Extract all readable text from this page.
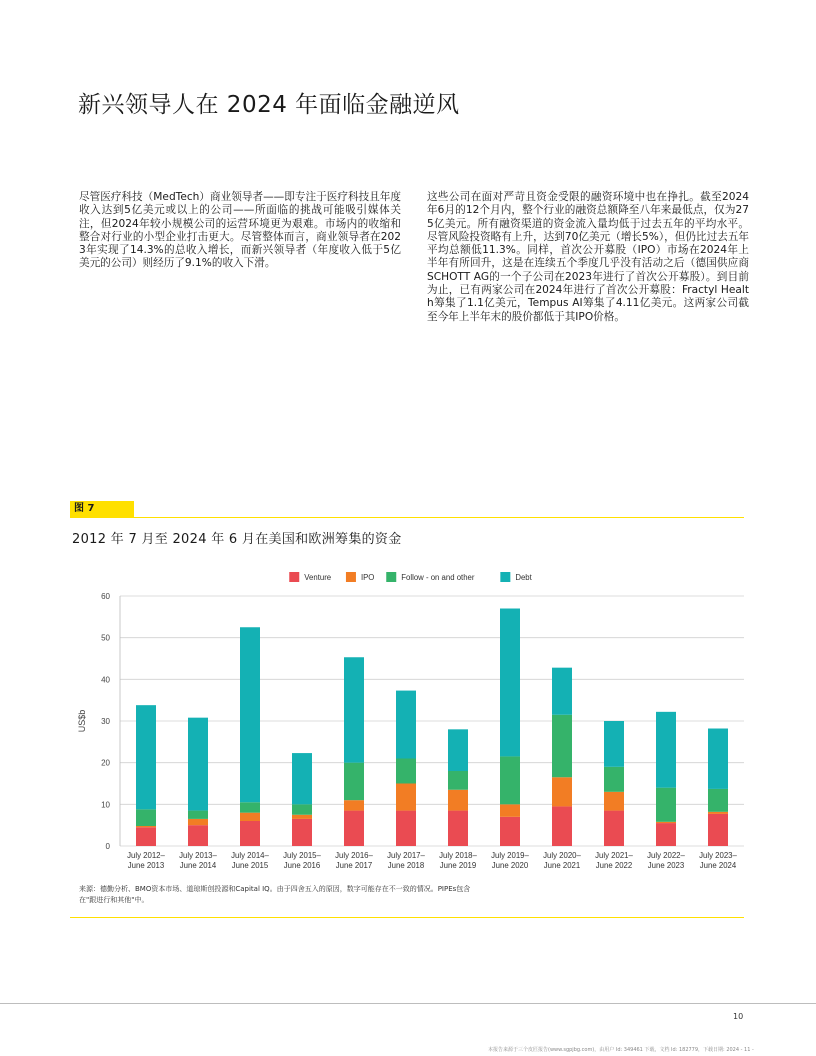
新兴领导人在 2024 年面临金融逆风
尽管医疗科技（MedTech）商业领导者——即专注于医疗科技且年度收入达到5亿美元或以上的公司——所面临的挑战可能吸引媒体关注，但2024年较小规模公司的运营环境更为艰难。市场内的收缩和整合对行业的小型企业打击更大。尽管整体而言，商业领导者在2023年实现了14.3%的总收入增长，而新兴领导者（年度收入低于5亿美元的公司）则经历了9.1%的收入下滑。
这些公司在面对严苛且资金受限的融资环境中也在挣扎。截至2024年6月的12个月内，整个行业的融资总额降至八年来最低点，仅为275亿美元。所有融资渠道的资金流入量均低于过去五年的平均水平。尽管风险投资略有上升，达到70亿美元（增长5%），但仍比过去五年平均总额低11.3%。同样，首次公开募股（IPO）市场在2024年上半年有所回升，这是在连续五个季度几乎没有活动之后（德国供应商SCHOTT AG的一个子公司在2023年进行了首次公开募股）。到目前为止，已有两家公司在2024年进行了首次公开募股：Fractyl Health筹集了1.1亿美元，Tempus AI筹集了4.11亿美元。这两家公司截至今年上半年末的股价都低于其IPO价格。
图 7
2012 年 7 月至 2024 年 6 月在美国和欧洲筹集的资金
0
10
20
30
40
50
60
US$b
July 2012–
June 2013
July 2013–
June 2014
July 2014–
June 2015
July 2015–
June 2016
July 2016–
June 2017
July 2017–
June 2018
July 2018–
June 2019
July 2019–
June 2020
July 2020–
June 2021
July 2021–
June 2022
July 2022–
June 2023
July 2023–
June 2024
Venture	IPO	Follow - on and other	Debt
来源：德勤分析、BMO资本市场、道琼斯创投源和Capital IQ。由于四舍五入的原因，数字可能存在不一致的情况。PIPEs包含在"跟进行和其他"中。
10
本报告来源于三个皮匠报告(www.sgpjbg.com)，由用户 Id: 349461 下载，文档 Id: 182779，下载日期: 2024 - 11 -
